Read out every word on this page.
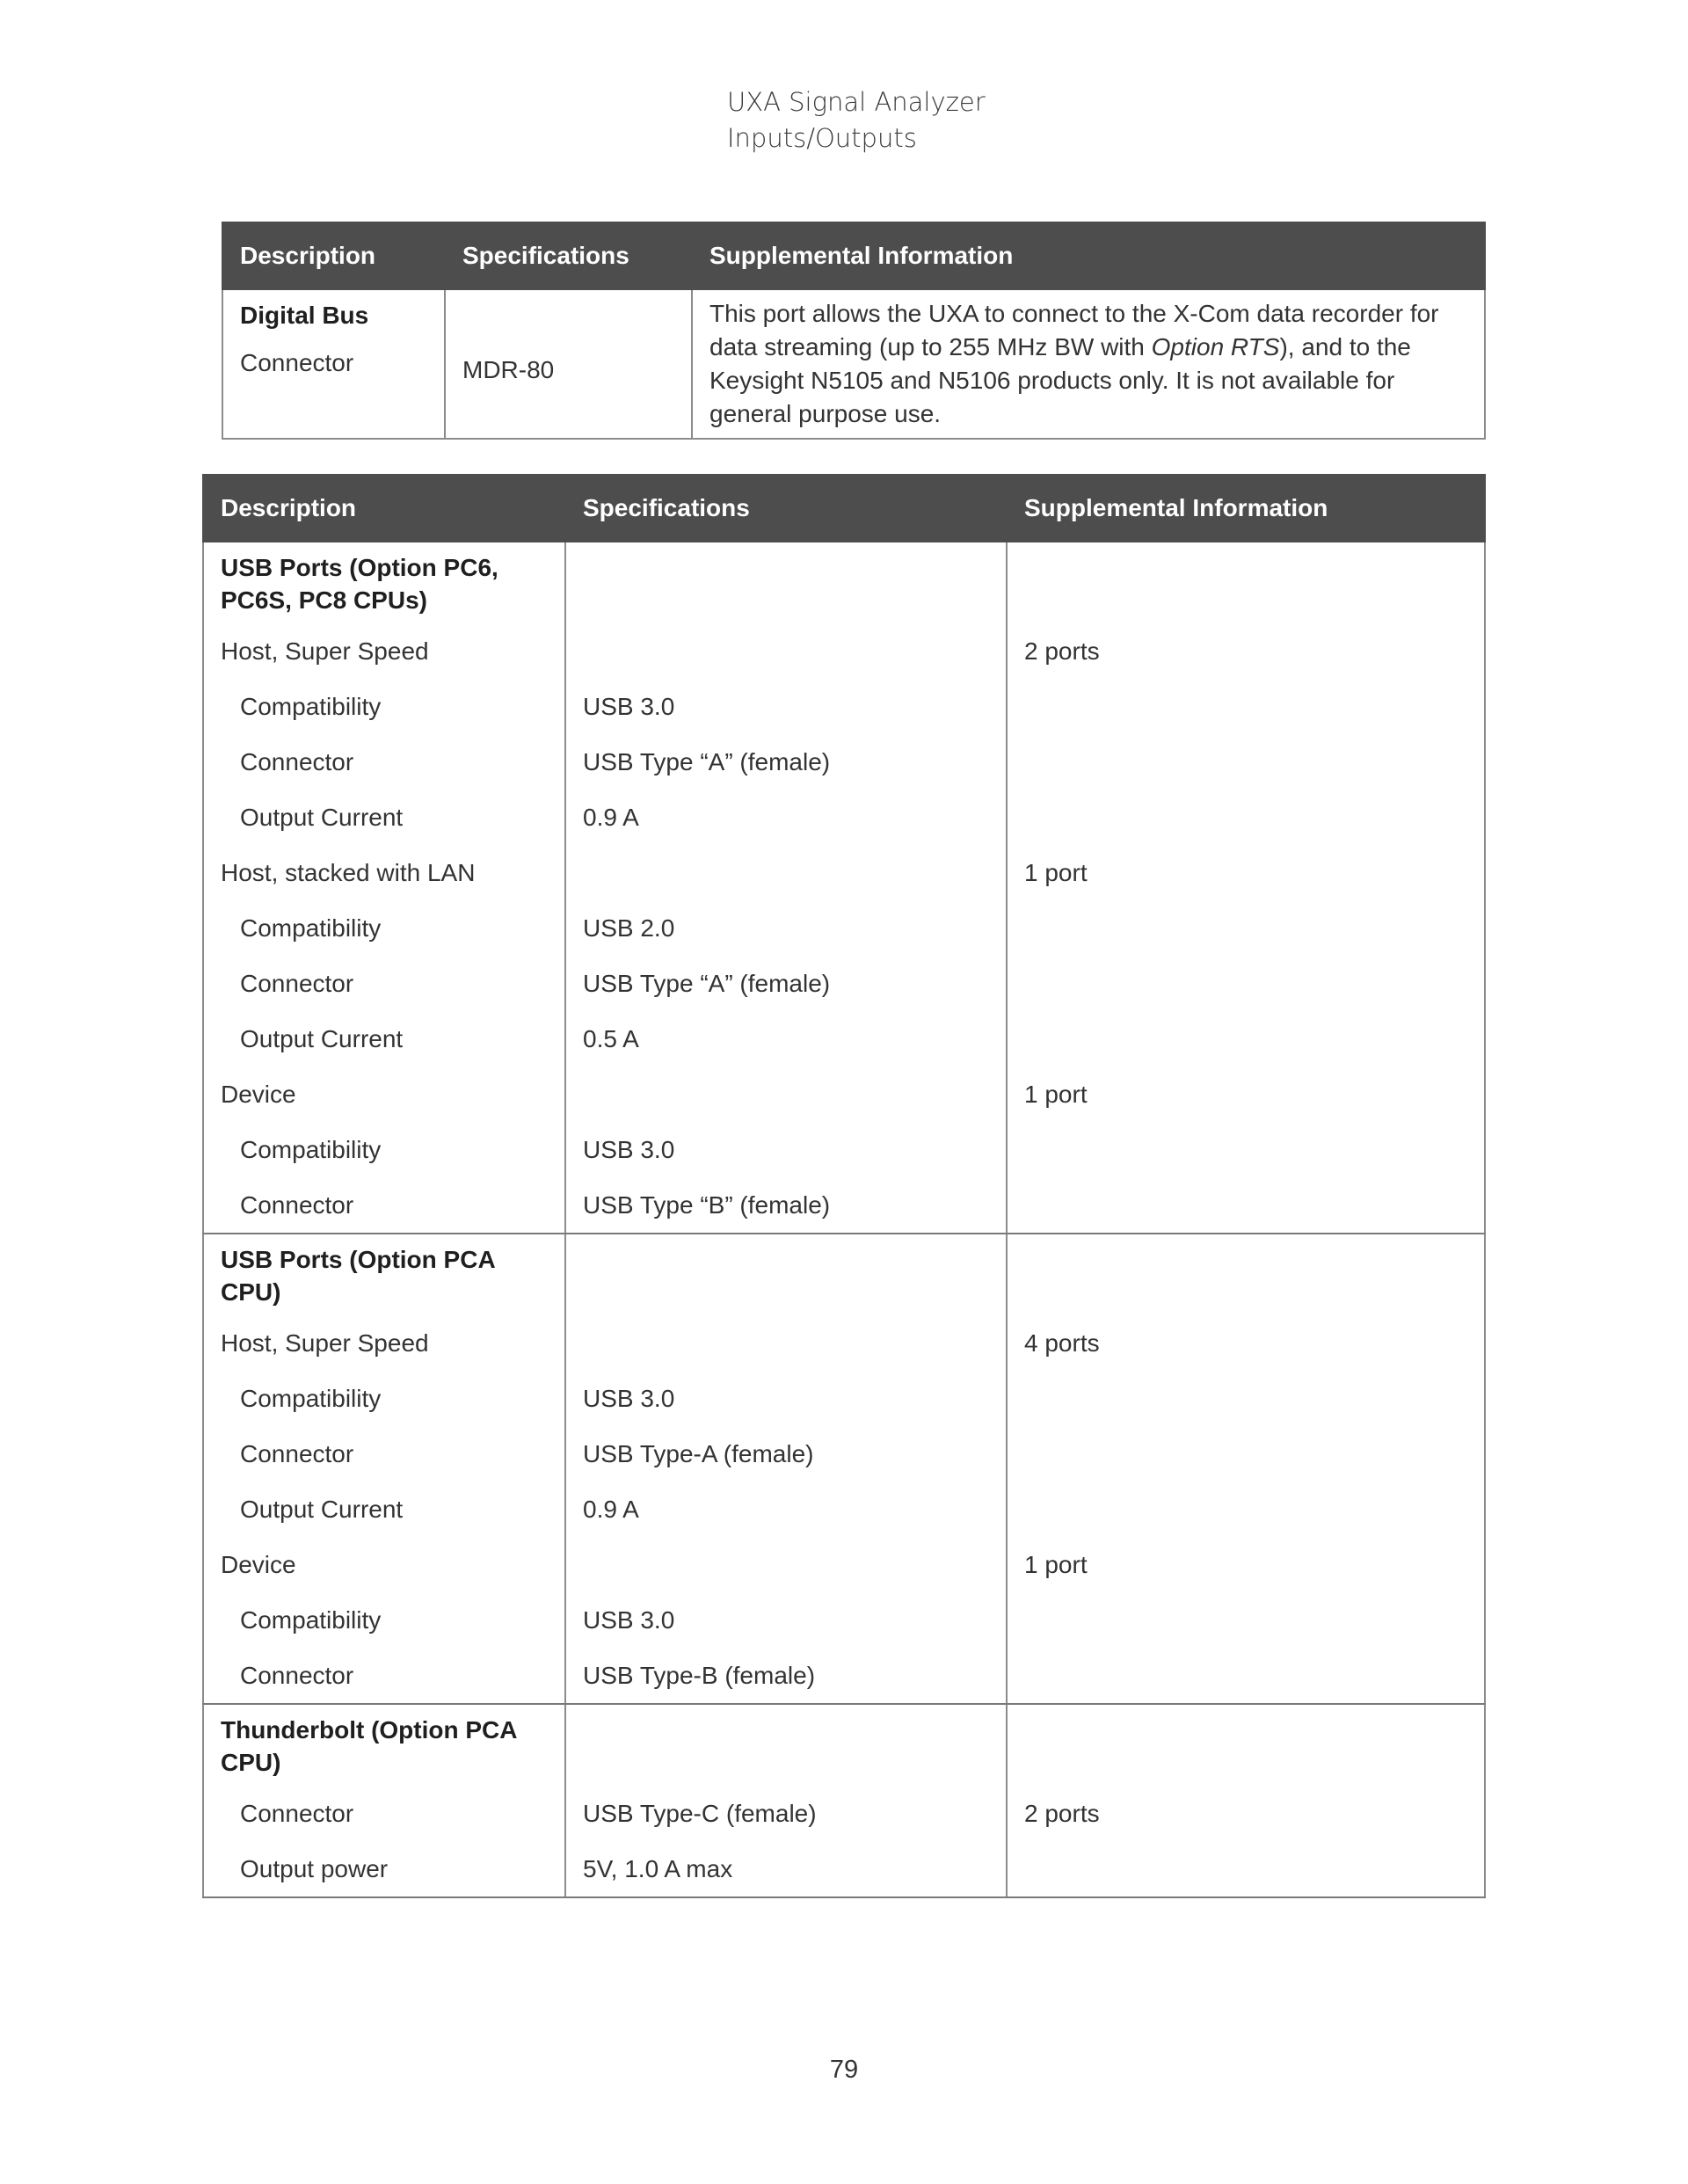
UXA Signal Analyzer
Inputs/Outputs
Description	Specifications	Supplemental Information

Digital Bus
Connector	MDR-80	This port allows the UXA to connect to the X-Com data recorder for data streaming (up to 255 MHz BW with Option RTS), and to the Keysight N5105 and N5106 products only. It is not available for general purpose use.
Description	Specifications	Supplemental Information
USB Ports (Option PC6, PC6S, PC8 CPUs)		
Host, Super Speed		2 ports
Compatibility	USB 3.0	
Connector	USB Type “A” (female)	
Output Current	0.9 A	
Host, stacked with LAN		1 port
Compatibility	USB 2.0	
Connector	USB Type “A” (female)	
Output Current	0.5 A	
Device		1 port
Compatibility	USB 3.0	
Connector	USB Type “B” (female)	
USB Ports (Option PCA CPU)		
Host, Super Speed		4 ports
Compatibility	USB 3.0	
Connector	USB Type-A (female)	
Output Current	0.9 A	
Device		1 port
Compatibility	USB 3.0	
Connector	USB Type-B (female)	
Thunderbolt (Option PCA CPU)		
Connector	USB Type-C (female)	2 ports
Output power	5V, 1.0 A max	
79
